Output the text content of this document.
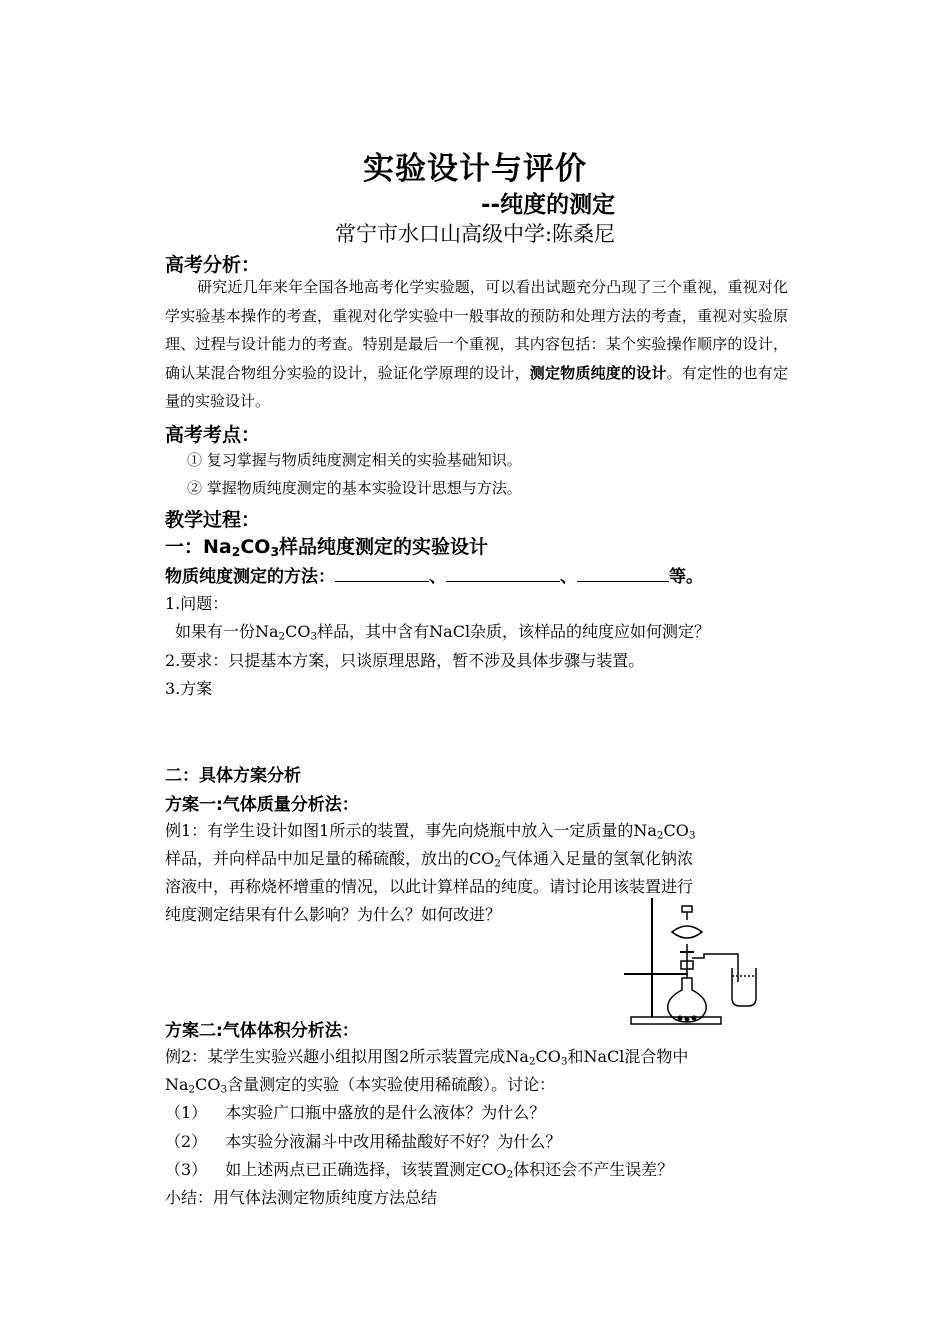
实验设计与评价
--纯度的测定
常宁市水口山高级中学:陈桑尼
高考分析：
研究近几年来年全国各地高考化学实验题，可以看出试题充分凸现了三个重视，重视对化学实验基本操作的考查，重视对化学实验中一般事故的预防和处理方法的考查，重视对实验原理、过程与设计能力的考查。特别是最后一个重视，其内容包括：某个实验操作顺序的设计，确认某混合物组分实验的设计，验证化学原理的设计，测定物质纯度的设计。有定性的也有定量的实验设计。
高考考点：
① 复习掌握与物质纯度测定相关的实验基础知识。
② 掌握物质纯度测定的基本实验设计思想与方法。
教学过程：
一：$Na_2CO_3$样品纯度测定的实验设计
物质纯度测定的方法：	、	、	等。
1.问题：
如果有一份$Na_2CO_3$样品，其中含有NaCl杂质，该样品的纯度应如何测定？
2.要求：只提基本方案，只谈原理思路，暂不涉及具体步骤与装置。
3.方案
二：具体方案分析
方案一:气体质量分析法：
例1：有学生设计如图1所示的装置，事先向烧瓶中放入一定质量的$Na_2CO_3$
样品，并向样品中加足量的稀硫酸，放出的$CO_2$气体通入足量的氢氧化钠浓
溶液中，再称烧杯增重的情况，以此计算样品的纯度。请讨论用该装置进行
纯度测定结果有什么影响？为什么？如何改进？
方案二:气体体积分析法：
例2：某学生实验兴趣小组拟用图2所示装置完成$Na_2CO_3$和NaCl混合物中
$Na_2CO_3$含量测定的实验（本实验使用稀硫酸）。讨论：
（1） 本实验广口瓶中盛放的是什么液体？为什么？
（2） 本实验分液漏斗中改用稀盐酸好不好？为什么？
（3） 如上述两点已正确选择，该装置测定$CO_2$体积还会不产生误差？
小结：用气体法测定物质纯度方法总结
